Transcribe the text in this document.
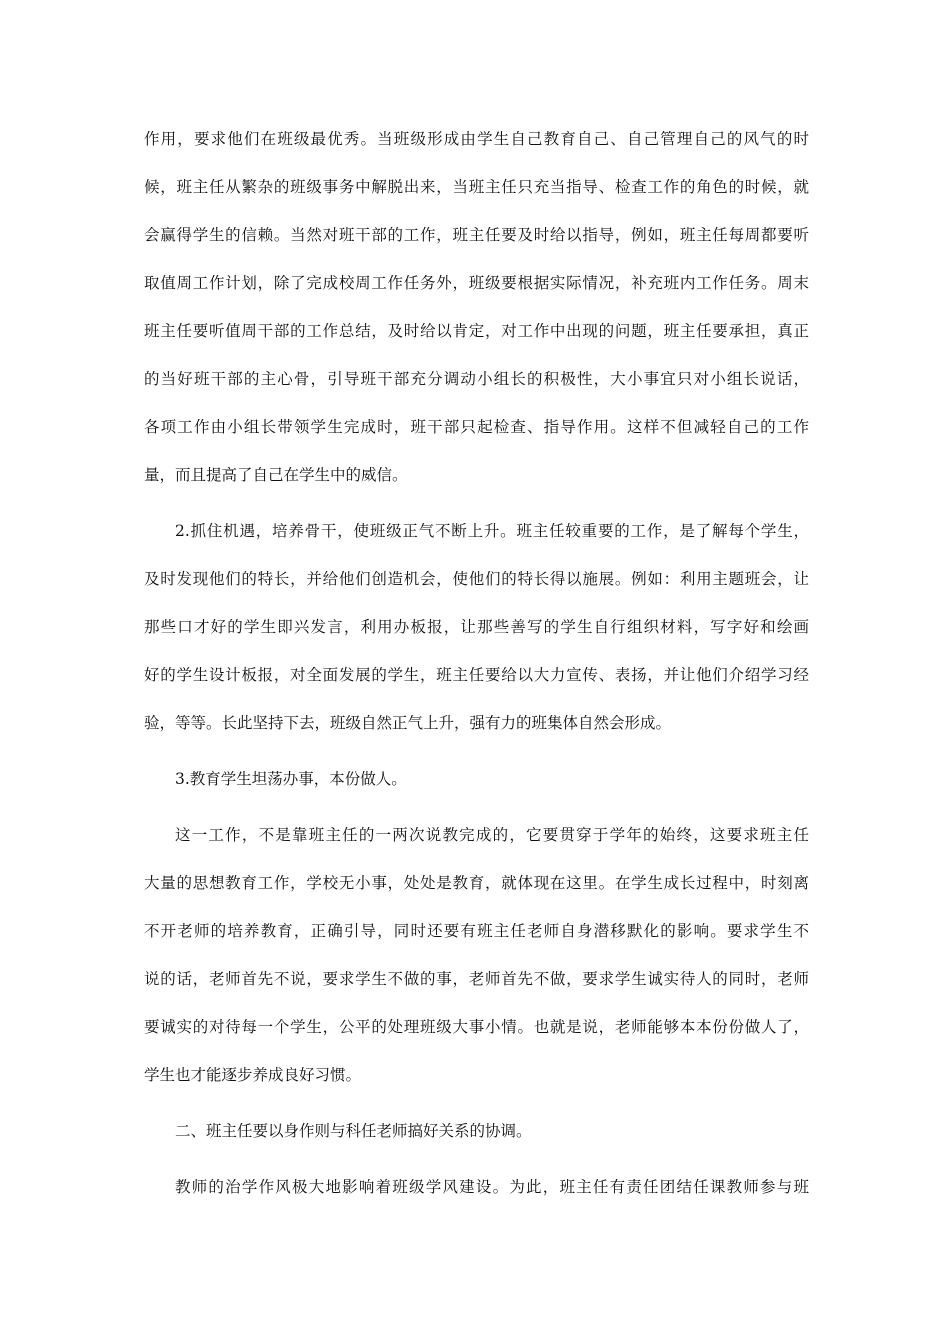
作用，要求他们在班级最优秀。当班级形成由学生自己教育自己、自己管理自己的风气的时
候，班主任从繁杂的班级事务中解脱出来，当班主任只充当指导、检查工作的角色的时候，就
会赢得学生的信赖。当然对班干部的工作，班主任要及时给以指导，例如，班主任每周都要听
取值周工作计划，除了完成校周工作任务外，班级要根据实际情况，补充班内工作任务。周末
班主任要听值周干部的工作总结，及时给以肯定，对工作中出现的问题，班主任要承担，真正
的当好班干部的主心骨，引导班干部充分调动小组长的积极性，大小事宜只对小组长说话，
各项工作由小组长带领学生完成时，班干部只起检查、指导作用。这样不但减轻自己的工作
量，而且提高了自己在学生中的威信。
2.抓住机遇，培养骨干，使班级正气不断上升。班主任较重要的工作，是了解每个学生，
及时发现他们的特长，并给他们创造机会，使他们的特长得以施展。例如：利用主题班会，让
那些口才好的学生即兴发言，利用办板报，让那些善写的学生自行组织材料，写字好和绘画
好的学生设计板报，对全面发展的学生，班主任要给以大力宣传、表扬，并让他们介绍学习经
验，等等。长此坚持下去，班级自然正气上升，强有力的班集体自然会形成。
3.教育学生坦荡办事，本份做人。
这一工作，不是靠班主任的一两次说教完成的，它要贯穿于学年的始终，这要求班主任
大量的思想教育工作，学校无小事，处处是教育，就体现在这里。在学生成长过程中，时刻离
不开老师的培养教育，正确引导，同时还要有班主任老师自身潜移默化的影响。要求学生不
说的话，老师首先不说，要求学生不做的事，老师首先不做，要求学生诚实待人的同时，老师
要诚实的对待每一个学生，公平的处理班级大事小情。也就是说，老师能够本本份份做人了，
学生也才能逐步养成良好习惯。
二、班主任要以身作则与科任老师搞好关系的协调。
教师的治学作风极大地影响着班级学风建设。为此，班主任有责任团结任课教师参与班
